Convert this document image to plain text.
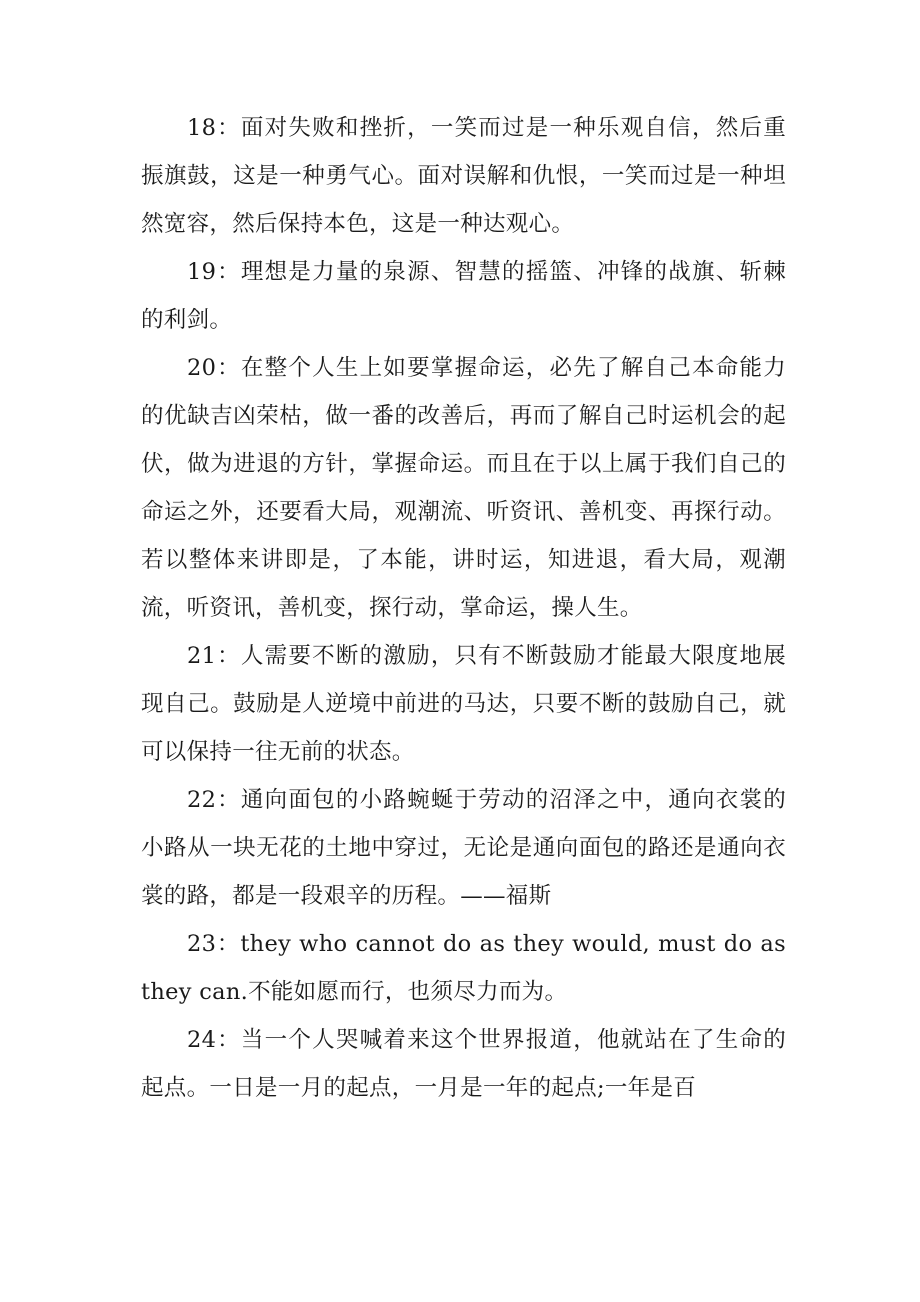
18：面对失败和挫折，一笑而过是一种乐观自信，然后重振旗鼓，这是一种勇气心。面对误解和仇恨，一笑而过是一种坦然宽容，然后保持本色，这是一种达观心。

19：理想是力量的泉源、智慧的摇篮、冲锋的战旗、斩棘的利剑。

20：在整个人生上如要掌握命运，必先了解自己本命能力的优缺吉凶荣枯，做一番的改善后，再而了解自己时运机会的起伏，做为进退的方针，掌握命运。而且在于以上属于我们自己的命运之外，还要看大局，观潮流、听资讯、善机变、再探行动。若以整体来讲即是，了本能，讲时运，知进退，看大局，观潮流，听资讯，善机变，探行动，掌命运，操人生。

21：人需要不断的激励，只有不断鼓励才能最大限度地展现自己。鼓励是人逆境中前进的马达，只要不断的鼓励自己，就可以保持一往无前的状态。

22：通向面包的小路蜿蜒于劳动的沼泽之中，通向衣裳的小路从一块无花的土地中穿过，无论是通向面包的路还是通向衣裳的路，都是一段艰辛的历程。——福斯

23：they who cannot do as they would, must do as they can.不能如愿而行，也须尽力而为。

24：当一个人哭喊着来这个世界报道，他就站在了生命的起点。一日是一月的起点，一月是一年的起点;一年是百
